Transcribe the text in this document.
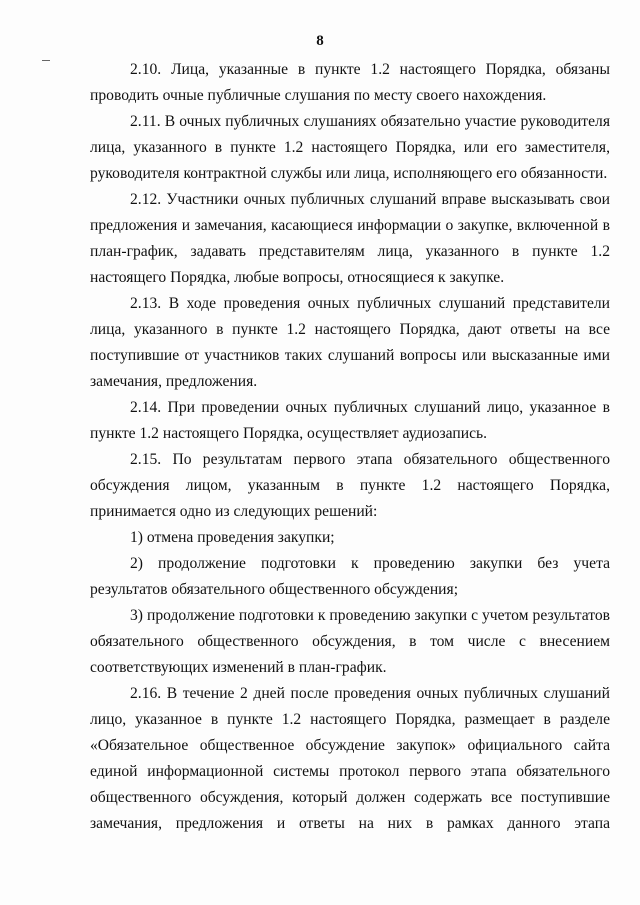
8

2.10. Лица, указанные в пункте 1.2 настоящего Порядка, обязаны проводить очные публичные слушания по месту своего нахождения.

2.11. В очных публичных слушаниях обязательно участие руководителя лица, указанного в пункте 1.2 настоящего Порядка, или его заместителя, руководителя контрактной службы или лица, исполняющего его обязанности.

2.12. Участники очных публичных слушаний вправе высказывать свои предложения и замечания, касающиеся информации о закупке, включенной в план-график, задавать представителям лица, указанного в пункте 1.2 настоящего Порядка, любые вопросы, относящиеся к закупке.

2.13. В ходе проведения очных публичных слушаний представители лица, указанного в пункте 1.2 настоящего Порядка, дают ответы на все поступившие от участников таких слушаний вопросы или высказанные ими замечания, предложения.

2.14. При проведении очных публичных слушаний лицо, указанное в пункте 1.2 настоящего Порядка, осуществляет аудиозапись.

2.15. По результатам первого этапа обязательного общественного обсуждения лицом, указанным в пункте 1.2 настоящего Порядка, принимается одно из следующих решений:

1) отмена проведения закупки;

2) продолжение подготовки к проведению закупки без учета результатов обязательного общественного обсуждения;

3) продолжение подготовки к проведению закупки с учетом результатов обязательного общественного обсуждения, в том числе с внесением соответствующих изменений в план-график.

2.16. В течение 2 дней после проведения очных публичных слушаний лицо, указанное в пункте 1.2 настоящего Порядка, размещает в разделе «Обязательное общественное обсуждение закупок» официального сайта единой информационной системы протокол первого этапа обязательного общественного обсуждения, который должен содержать все поступившие замечания, предложения и ответы на них в рамках данного этапа
